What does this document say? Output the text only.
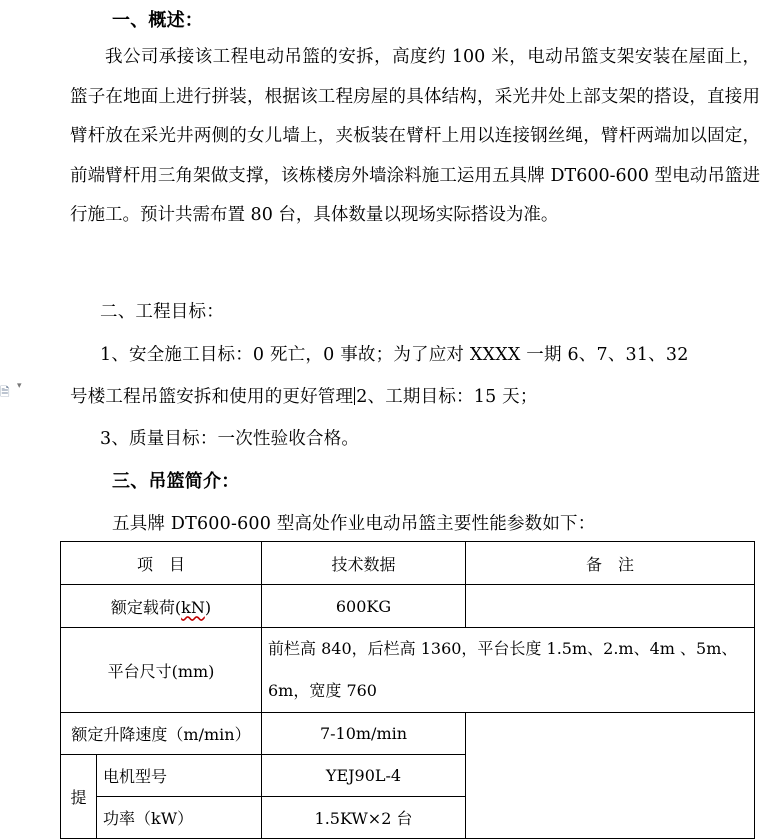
🗎 ▾
一、概述：
我公司承接该工程电动吊篮的安拆，高度约 100 米，电动吊篮支架安装在屋面上，篮子在地面上进行拼装，根据该工程房屋的具体结构，采光井处上部支架的搭设，直接用臂杆放在采光井两侧的女儿墙上，夹板装在臂杆上用以连接钢丝绳，臂杆两端加以固定，前端臂杆用三角架做支撑，该栋楼房外墙涂料施工运用五具牌 DT600-600 型电动吊篮进行施工。预计共需布置 80 台，具体数量以现场实际搭设为准。
二、工程目标：
1、安全施工目标：0 死亡，0 事故；为了应对 XXXX 一期 6、7、31、32
号楼工程吊篮安拆和使用的更好管理 2、工期目标：15 天；
3、质量目标：一次性验收合格。
三、吊篮简介：
五具牌 DT600-600 型高处作业电动吊篮主要性能参数如下：
项　目		技术数据	备　注
额定载荷(kN)		600KG	
平台尺寸(mm)		前栏高 840，后栏高 1360，平台长度 1.5m、2.m、4m 、5m、
6m，宽度 760	

额定升降速度（m/min）		7-10m/min	
提	电机型号	YEJ90L-4	
	功率（kW）	1.5KW×2 台	
